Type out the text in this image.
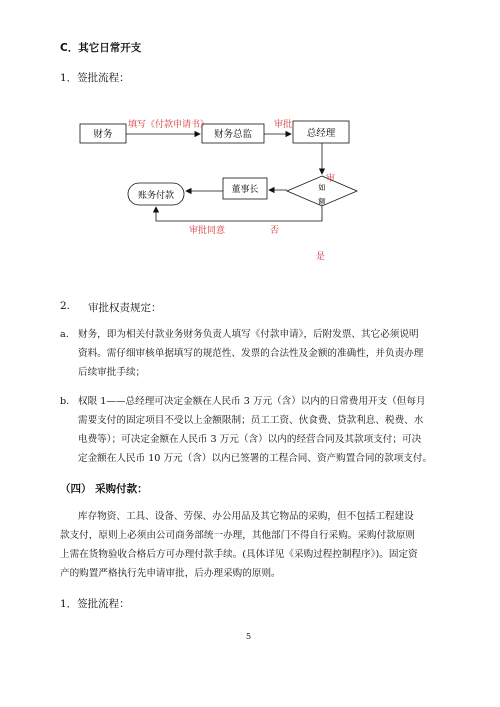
C．其它日常开支
1．签批流程：
财务	财务总监	总经理
董事长
账务付款
如
额
填写《付款申请书》	审批
审
审批同意	否
是
2. 审批权责规定：
a. 财务，即为相关付款业务财务负责人填写《付款申请》，后附发票、其它必须说明
资料。需仔细审核单据填写的规范性、发票的合法性及金额的准确性，并负责办理
后续审批手续；
b. 权限 1——总经理可决定金额在人民币 3 万元（含）以内的日常费用开支（但每月
需要支付的固定项目不受以上金额限制；员工工资、伙食费、贷款利息、税费、水
电费等）；可决定金额在人民币 3 万元（含）以内的经营合同及其款项支付；可决
定金额在人民币 10 万元（含）以内已签署的工程合同、资产购置合同的款项支付。
（四） 采购付款：
库存物资、工具、设备、劳保、办公用品及其它物品的采购，但不包括工程建设
款支付，原则上必须由公司商务部统一办理，其他部门不得自行采购。采购付款原则
上需在货物验收合格后方可办理付款手续。(具体详见《采购过程控制程序》)。固定资
产的购置严格执行先申请审批，后办理采购的原则。
1．签批流程：
5
